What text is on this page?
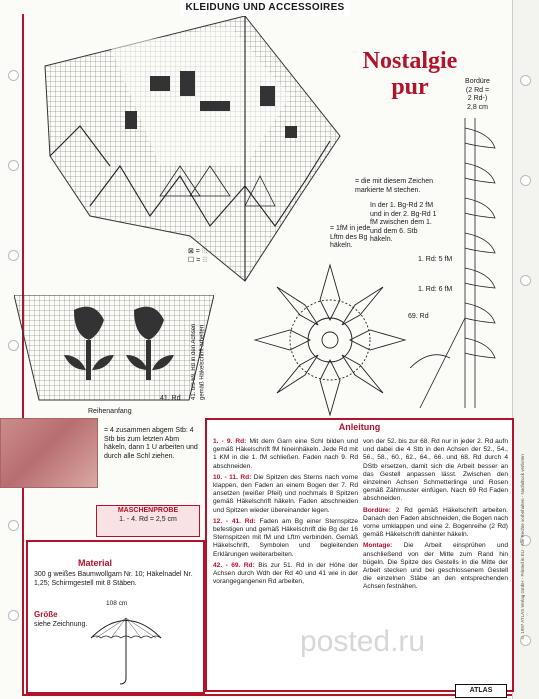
KLEIDUNG UND ACCESSOIRES
© 1997 ATLAS Verlag GmbH - Printed in EU - Alle Rechte vorbehalten - Nachdruck verboten
Nostalgie
pur
⊠ = ⫶⫶⫶
☐ = ⫶⫶⫶
= 1fM in jede Lftm des Bg häkeln.
= die mit diesem Zeichen markierte M stechen.
In der 1. Bg-Rd 2 fM und in der 2. Bg-Rd 1 fM zwischen dem 1. und dem 6. Stb häkeln.
Bordüre
(2 Rd =
2 Rd-)
2,8 cm
1. Rd: 5 fM
1. Rd: 6 fM
69. Rd
41. Rd
Reihenanfang
41. bis 69. Rd in den Achsen gemäß Häkelschrift arbeiten
= 4 zusammen abgem Stb: 4 Stb bis zum letzten Abm häkeln, dann 1 U arbeiten und durch alle Schl ziehen.
MASCHENPROBE
1. - 4. Rd = 2,5 cm
Material
300 g weißes Baumwollgarn Nr. 10; Häkelnadel Nr. 1,25; Schirmgestell mit 8 Stäben.
Größe
siehe Zeichnung.
108 cm
Anleitung

1. - 9. Rd: Mit dem Garn eine Schl bilden und gemäß Häkelschrift fM hineinhäkeln. Jede Rd mit 1 KM in die 1. fM schließen. Faden nach 9. Rd abschneiden.

10. - 11. Rd: Die Spitzen des Sterns nach vorne klappen, den Faden an einem Bogen der 7. Rd ansetzen (weißer Pfeil) und nochmals 8 Spitzen gemäß Häkelschrift häkeln. Faden abschneiden und Spitzen wieder übereinander legen.

12. - 41. Rd: Faden am Bg einer Sternspitze befestigen und gemäß Häkelschrift die Bg der 16 Sternspitzen mit fM und Lftm verbinden. Gemäß Häkelschrift, Symbolen und begleitenden Erklärungen weiterarbeiten.

42. - 69. Rd: Bis zur 51. Rd in der Höhe der Achsen durch Wdh der Rd 40 und 41 wie in der vorangegangenen Rd arbeiten,

von der 52. bis zur 68. Rd nur in jeder 2. Rd aufn und dabei die 4 Stb in den Achsen der 52., 54., 56., 58., 60., 62., 64., 66. und 68. Rd durch 4 DStb ersetzen, damit sich die Arbeit besser an das Gestell anpassen lässt. Zwischen den einzelnen Achsen Schmetterlinge und Rosen gemäß Zählmuster einfügen. Nach 69 Rd Faden abschneiden.

Bordüre: 2 Rd gemäß Häkelschrift arbeiten. Danach den Faden abschneiden, die Bogen nach vorne umklappen und eine 2. Bogenreihe (2 Rd) gemäß Häkelschrift dahinter häkeln.

Montage: Die Arbeit einsprühen und anschließend von der Mitte zum Rand hin bügeln. Die Spitze des Gestells in die Mitte der Arbeit stecken und bei geschlossenem Gestell die einzelnen Stäbe an den entsprechenden Achsen festnähen.

posted.ru
ATLAS
